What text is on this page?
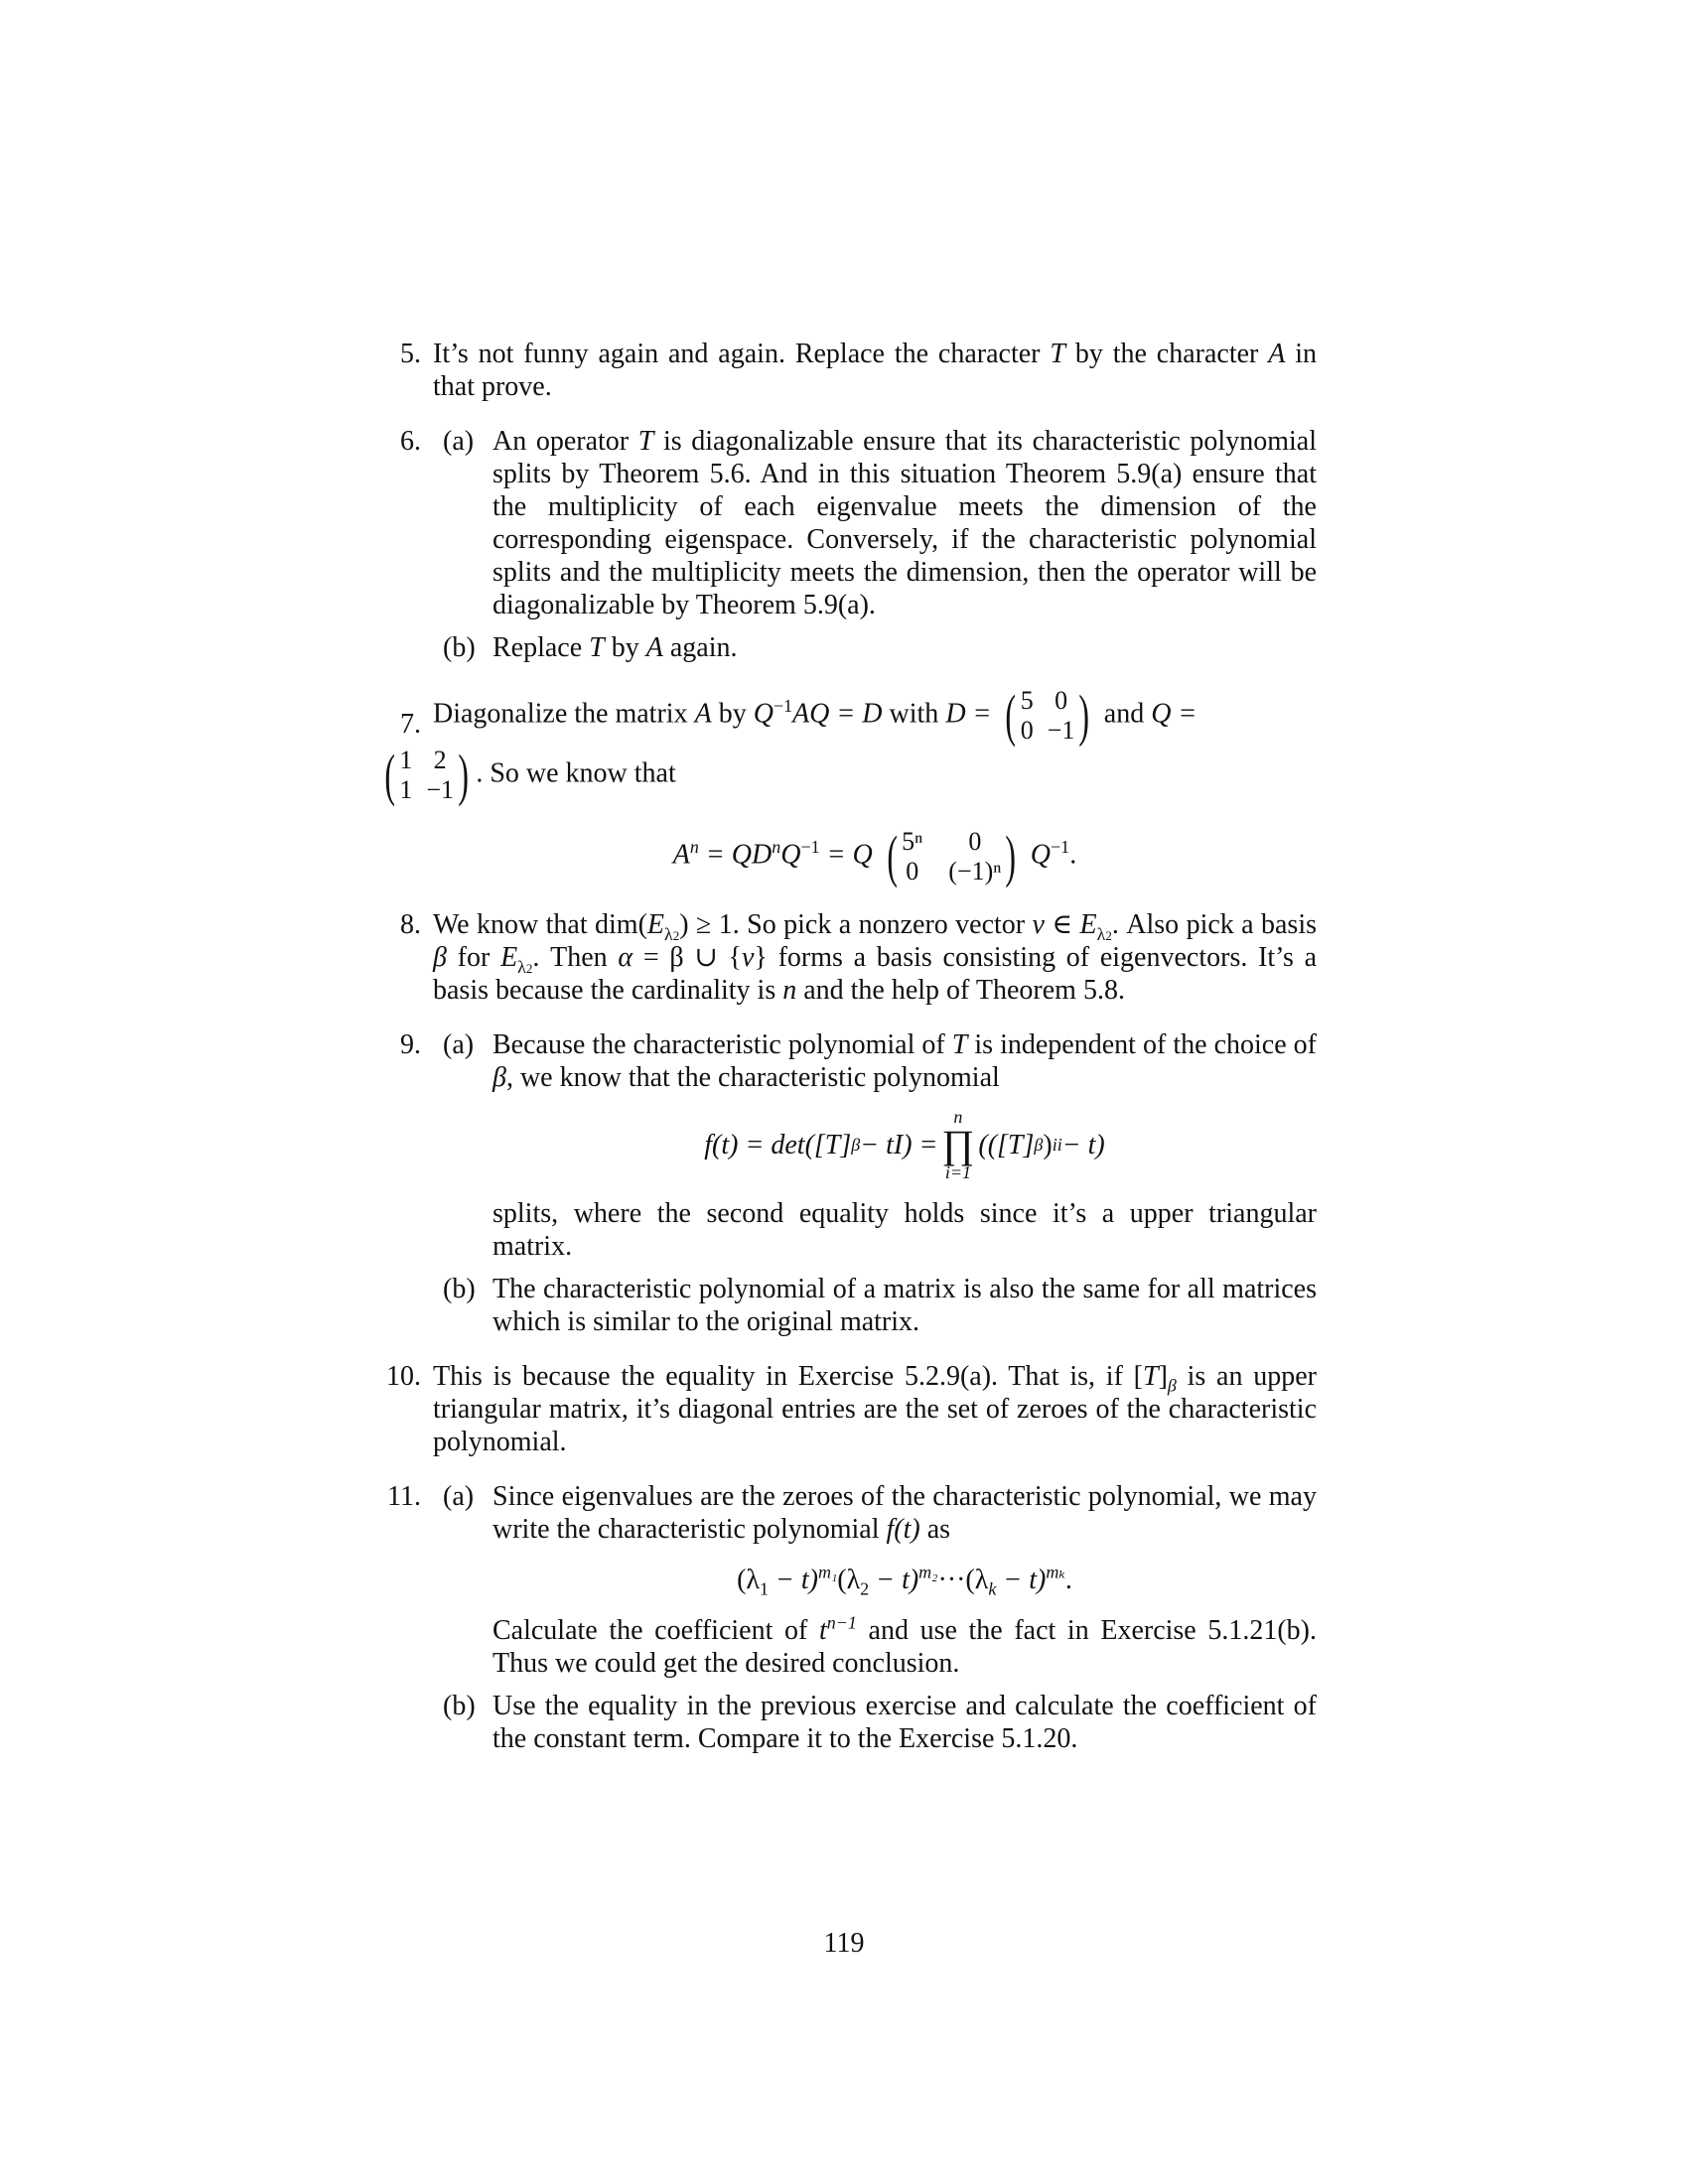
5. It’s not funny again and again. Replace the character T by the character A in that prove.

6. (a) An operator T is diagonalizable ensure that its characteristic polynomial splits by Theorem 5.6. And in this situation Theorem 5.9(a) ensure that the multiplicity of each eigenvalue meets the dimension of the corresponding eigenspace. Conversely, if the characteristic polynomial splits and the multiplicity meets the dimension, then the operator will be diagonalizable by Theorem 5.9(a).

(b) Replace T by A again.

7. Diagonalize the matrix A by $Q^{-1}AQ = D$ with D = ( 5 0
0 −1 ) and Q =

( 1 2
1 −1 ) . So we know that

$A^n = QD^nQ^{-1} = Q$ ( 5ⁿ	0
0 (−1)ⁿ ) $Q^{-1}$.
8. We know that $dim(E_{\lambda 2}) \ge 1$. So pick a nonzero vector v ∈ $E_{\lambda 2}$. Also pick a basis β for $E_{\lambda 2}$. Then α = β ∪ {v} forms a basis consisting of eigenvectors. It’s a basis because the cardinality is n and the help of Theorem 5.8.

9. (a) Because the characteristic polynomial of T is independent of the choice of β, we know that the characteristic polynomial

f(t) = det([T] β − tI) =
n
∏
i=1
(([T] β ) ii − t)

splits, where the second equality holds since it’s a upper triangular matrix.

(b) The characteristic polynomial of a matrix is also the same for all matrices which is similar to the original matrix.

10. This is because the equality in Exercise 5.2.9(a). That is, if $[T]_\beta$ is an upper triangular matrix, it’s diagonal entries are the set of zeroes of the characteristic polynomial.

11. (a) Since eigenvalues are the zeroes of the characteristic polynomial, we may write the characteristic polynomial f(t) as

$(\lambda_1 - t)^{m_1}(\lambda_2 - t)^{m_2}\cdot\cdot\cdot(\lambda_k - t)^{m_k}$.

Calculate the coefficient of $t^{n-1}$ and use the fact in Exercise 5.1.21(b). Thus we could get the desired conclusion.

(b) Use the equality in the previous exercise and calculate the coefficient of the constant term. Compare it to the Exercise 5.1.20.

119
